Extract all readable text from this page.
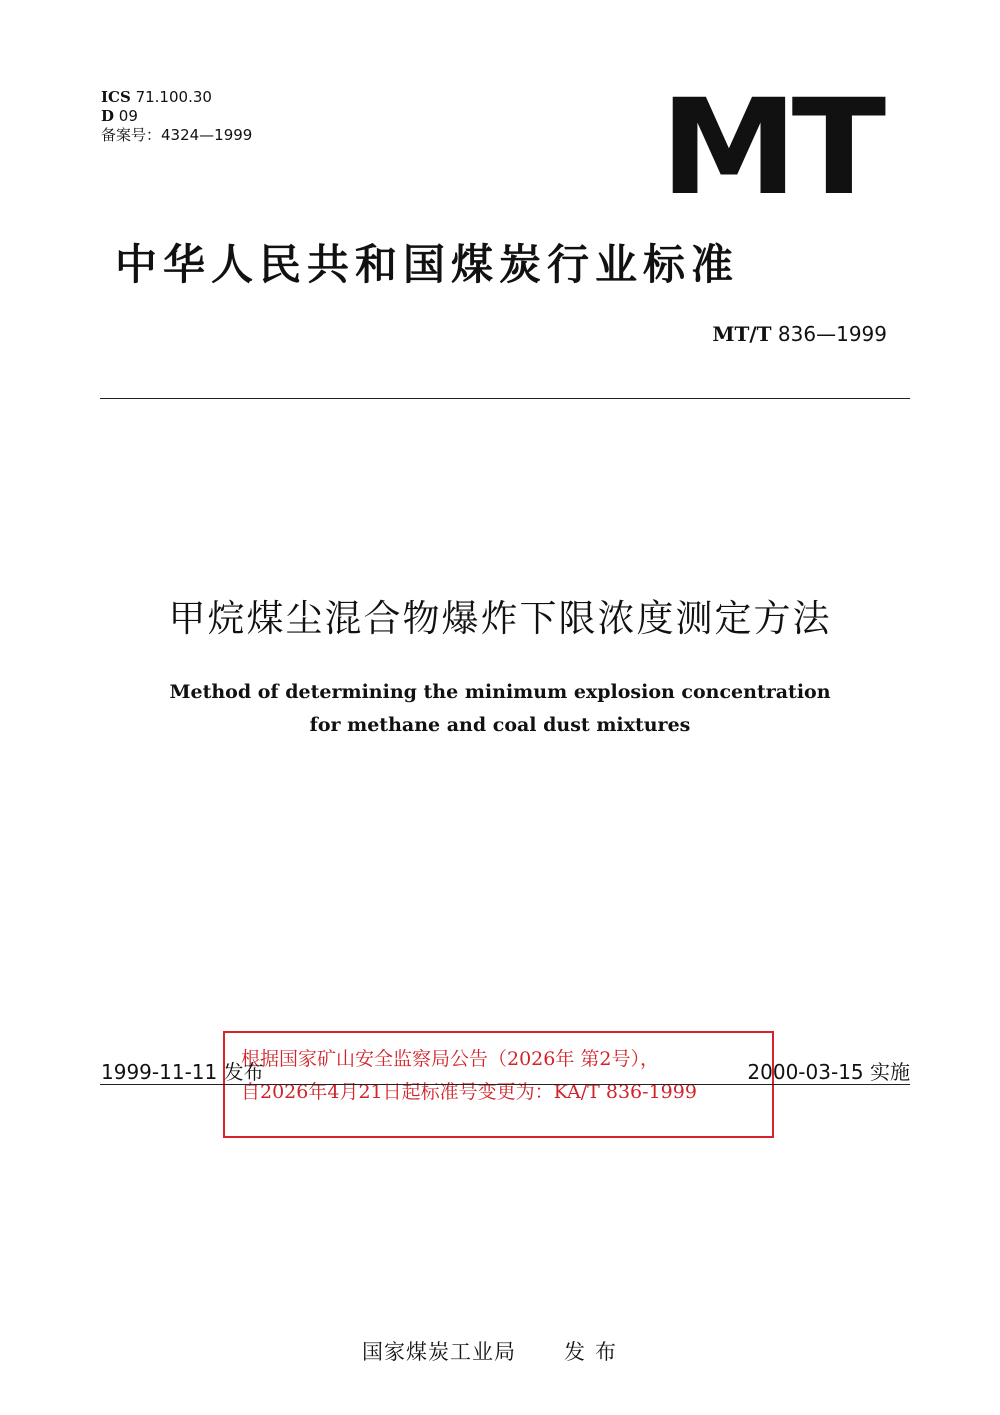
ICS 71.100.30
D 09
备案号：4324—1999	MT
中华人民共和国煤炭行业标准
MT/T 836—1999
甲烷煤尘混合物爆炸下限浓度测定方法
Method of determining the minimum explosion concentration
for methane and coal dust mixtures
根据国家矿山安全监察局公告（2026年 第2号），
自2026年4月21日起标准号变更为：KA/T 836-1999
1999-11-11 发布	2000-03-15 实施
国家煤炭工业局 发布
